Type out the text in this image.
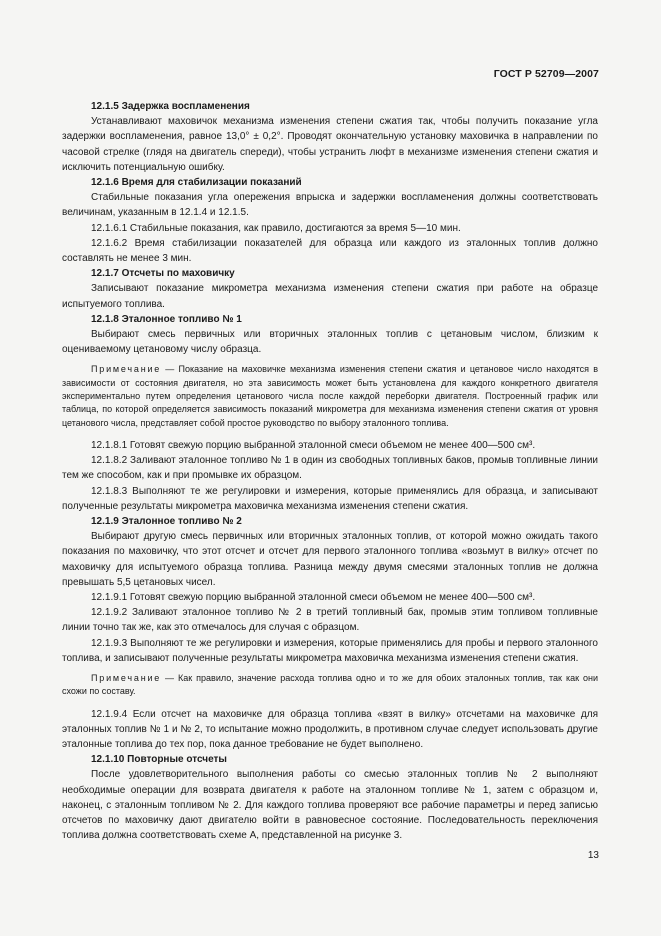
ГОСТ Р 52709—2007

12.1.5 Задержка воспламенения

Устанавливают маховичок механизма изменения степени сжатия так, чтобы получить показание угла задержки воспламенения, равное 13,0° ± 0,2°. Проводят окончательную установку маховичка в направлении по часовой стрелке (глядя на двигатель спереди), чтобы устранить люфт в механизме изменения степени сжатия и исключить потенциальную ошибку.

12.1.6 Время для стабилизации показаний

Стабильные показания угла опережения впрыска и задержки воспламенения должны соответствовать величинам, указанным в 12.1.4 и 12.1.5.

12.1.6.1 Стабильные показания, как правило, достигаются за время 5—10 мин.

12.1.6.2 Время стабилизации показателей для образца или каждого из эталонных топлив должно составлять не менее 3 мин.

12.1.7 Отсчеты по маховичку

Записывают показание микрометра механизма изменения степени сжатия при работе на образце испытуемого топлива.

12.1.8 Эталонное топливо № 1

Выбирают смесь первичных или вторичных эталонных топлив с цетановым числом, близким к оцениваемому цетановому числу образца.

Примечание — Показание на маховичке механизма изменения степени сжатия и цетановое число находятся в зависимости от состояния двигателя, но эта зависимость может быть установлена для каждого конкретного двигателя экспериментально путем определения цетанового числа после каждой переборки двигателя. Построенный график или таблица, по которой определяется зависимость показаний микрометра для механизма изменения степени сжатия от уровня цетанового числа, представляет собой простое руководство по выбору эталонного топлива.

12.1.8.1 Готовят свежую порцию выбранной эталонной смеси объемом не менее 400—500 см³.

12.1.8.2 Заливают эталонное топливо № 1 в один из свободных топливных баков, промыв топливные линии тем же способом, как и при промывке их образцом.

12.1.8.3 Выполняют те же регулировки и измерения, которые применялись для образца, и записывают полученные результаты микрометра маховичка механизма изменения степени сжатия.

12.1.9 Эталонное топливо № 2

Выбирают другую смесь первичных или вторичных эталонных топлив, от которой можно ожидать такого показания по маховичку, что этот отсчет и отсчет для первого эталонного топлива «возьмут в вилку» отсчет по маховичку для испытуемого образца топлива. Разница между двумя смесями эталонных топлив не должна превышать 5,5 цетановых чисел.

12.1.9.1 Готовят свежую порцию выбранной эталонной смеси объемом не менее 400—500 см³.

12.1.9.2 Заливают эталонное топливо № 2 в третий топливный бак, промыв этим топливом топливные линии точно так же, как это отмечалось для случая с образцом.

12.1.9.3 Выполняют те же регулировки и измерения, которые применялись для пробы и первого эталонного топлива, и записывают полученные результаты микрометра маховичка механизма изменения степени сжатия.

Примечание — Как правило, значение расхода топлива одно и то же для обоих эталонных топлив, так как они схожи по составу.

12.1.9.4 Если отсчет на маховичке для образца топлива «взят в вилку» отсчетами на маховичке для эталонных топлив № 1 и № 2, то испытание можно продолжить, в противном случае следует использовать другие эталонные топлива до тех пор, пока данное требование не будет выполнено.

12.1.10 Повторные отсчеты

После удовлетворительного выполнения работы со смесью эталонных топлив № 2 выполняют необходимые операции для возврата двигателя к работе на эталонном топливе № 1, затем с образцом и, наконец, с эталонным топливом № 2. Для каждого топлива проверяют все рабочие параметры и перед записью отсчетов по маховичку дают двигателю войти в равновесное состояние. Последовательность переключения топлива должна соответствовать схеме А, представленной на рисунке 3.

13
